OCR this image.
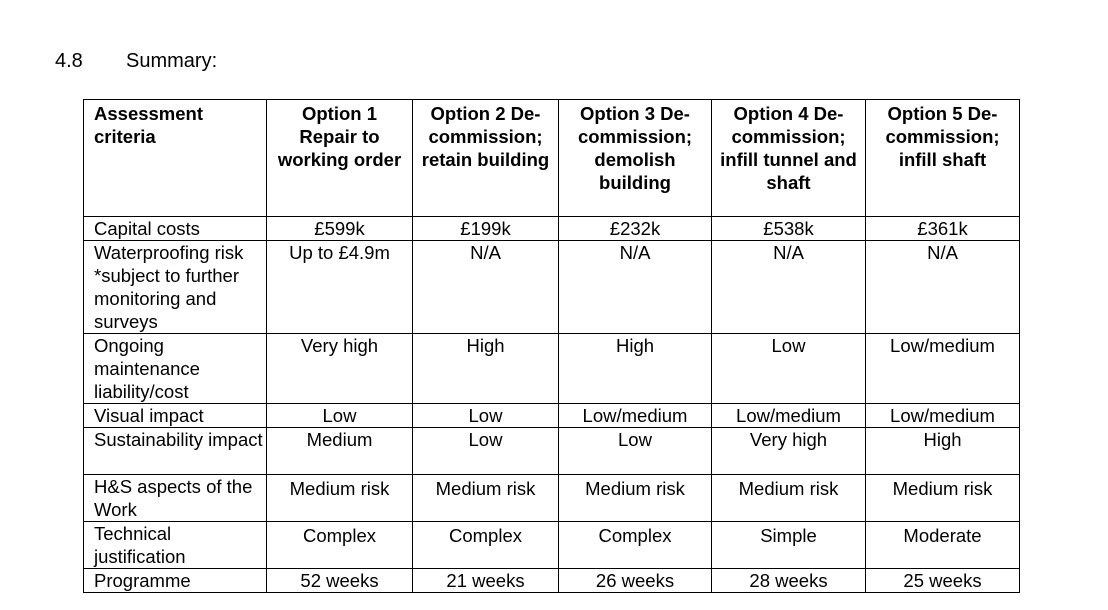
4.8	Summary:
Assessment criteria	Option 1 Repair to working order	Option 2 De-commission; retain building	Option 3 De-commission; demolish building	Option 4 De-commission; infill tunnel and shaft	Option 5 De-commission; infill shaft
Capital costs	£599k	£199k	£232k	£538k	£361k
Waterproofing risk *subject to further monitoring and surveys	Up to £4.9m	N/A	N/A	N/A	N/A
Ongoing maintenance liability/cost	Very high	High	High	Low	Low/medium
Visual impact	Low	Low	Low/medium	Low/medium	Low/medium
Sustainability impact	Medium	Low	Low	Very high	High
H&S aspects of the Work	Medium risk	Medium risk	Medium risk	Medium risk	Medium risk
Technical justification	Complex	Complex	Complex	Simple	Moderate
Programme	52 weeks	21 weeks	26 weeks	28 weeks	25 weeks
